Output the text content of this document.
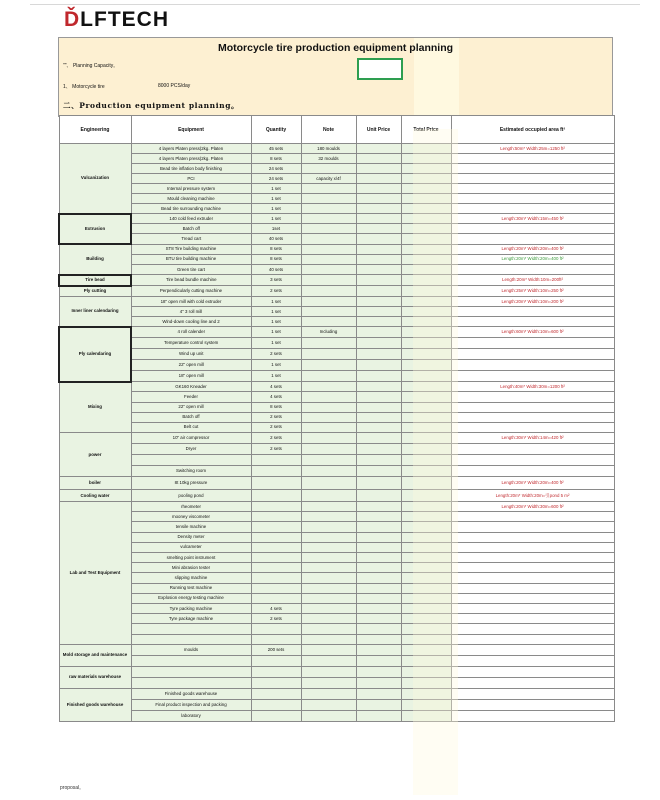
ĎLFTECH
Motorcycle tire production equipment planning
""、 Planning Capacity。
1、 Motorcycle tire	8000 PCS/day
二、Production equipment planning。
Engineering	Equipment	Quantity	Note	Unit Price	Total Price	Estimated occupied area ft²
Vulcanization	4 layers Platen press(2kg. Platen	45 sets	180 moulds			Length:50m* Width:25m=1250 ft²
	4 layers Platen press(2kg. Platen	8 sets	32 moulds			
	Bead tire inflation body finishing	24 sets				
	PCI	24 sets	capacity x/4f			
	Internal pressure system	1 set				
	Mould cleaning machine	1 set				
	Bead tire surrounding machine	1 set				
Extrusion	140 cold feed extruder	1 set				Length:30m* Width:15m=450 ft²
	Batch off	1set				
	Tread cart	40 sets				
Building	ST8 Tire building machine	8 sets				Length:20m* Width:20m=400 ft²
	BTU tire building machine	8 sets				Length:20m* Width:20m=400 ft²
	Green tire cart	40 sets				
Tire bead	Tire bead bundle machine	3 sets				Length:20m* Width:10m=200ft²
Ply cutting	Perpendicularly cutting machine	2 sets				Length:25m* Width:10m=250 ft²
Inner liner calendaring	18" open mill with cold extruder	1 set				Length:20m* Width:10m=200 ft²
	4" 3 roll mill	1 set				
	Wind-down cooling line and 2	1 set				
Ply calendaring	4 roll calender	1 set	Including			Length:60m* Width:10m=600 ft²
	Temperature control system	1 set				
	Wind up unit	2 sets				
	22" open mill	1 set				
	18" open mill	1 set				
Mixing	GK160 Kneader	4 sets				Length:40m* Width:30m=1200 ft²
	Feeder	4 sets				
	22" open mill	8 sets				
	Batch off	2 sets				
	Belt cut	2 sets				
power	10" air compressor	2 sets				Length:30m* Width:14m=420 ft²
	Dryer	2 sets				

	Switching room					
boiler	8t 10kg pressure					Length:20m* Width:20m=400 ft²
Cooling water	pooling pond					Length:20m* Width:20m=引pond 5 m²
Lab and Test Equipment	rheometer					Length:20m* Width:30m=600 ft²
	mooney viscometer					
	tensile machine					
	Density meter					
	vulcameter					
	smelting point instrument					
	Mini abrasion tester					
	slipping machine					
	Running test machine					
	Explosion energy testing machine					
	Tyre packing machine	4 sets				
	Tyre package machine	2 sets				

Mold storage and maintenance	moulds	200 sets				

raw materials warehouse						

Finished goods warehouse	Finished goods warehouse					
	Final product inspection and packing					
	laboratory					
proposal。
